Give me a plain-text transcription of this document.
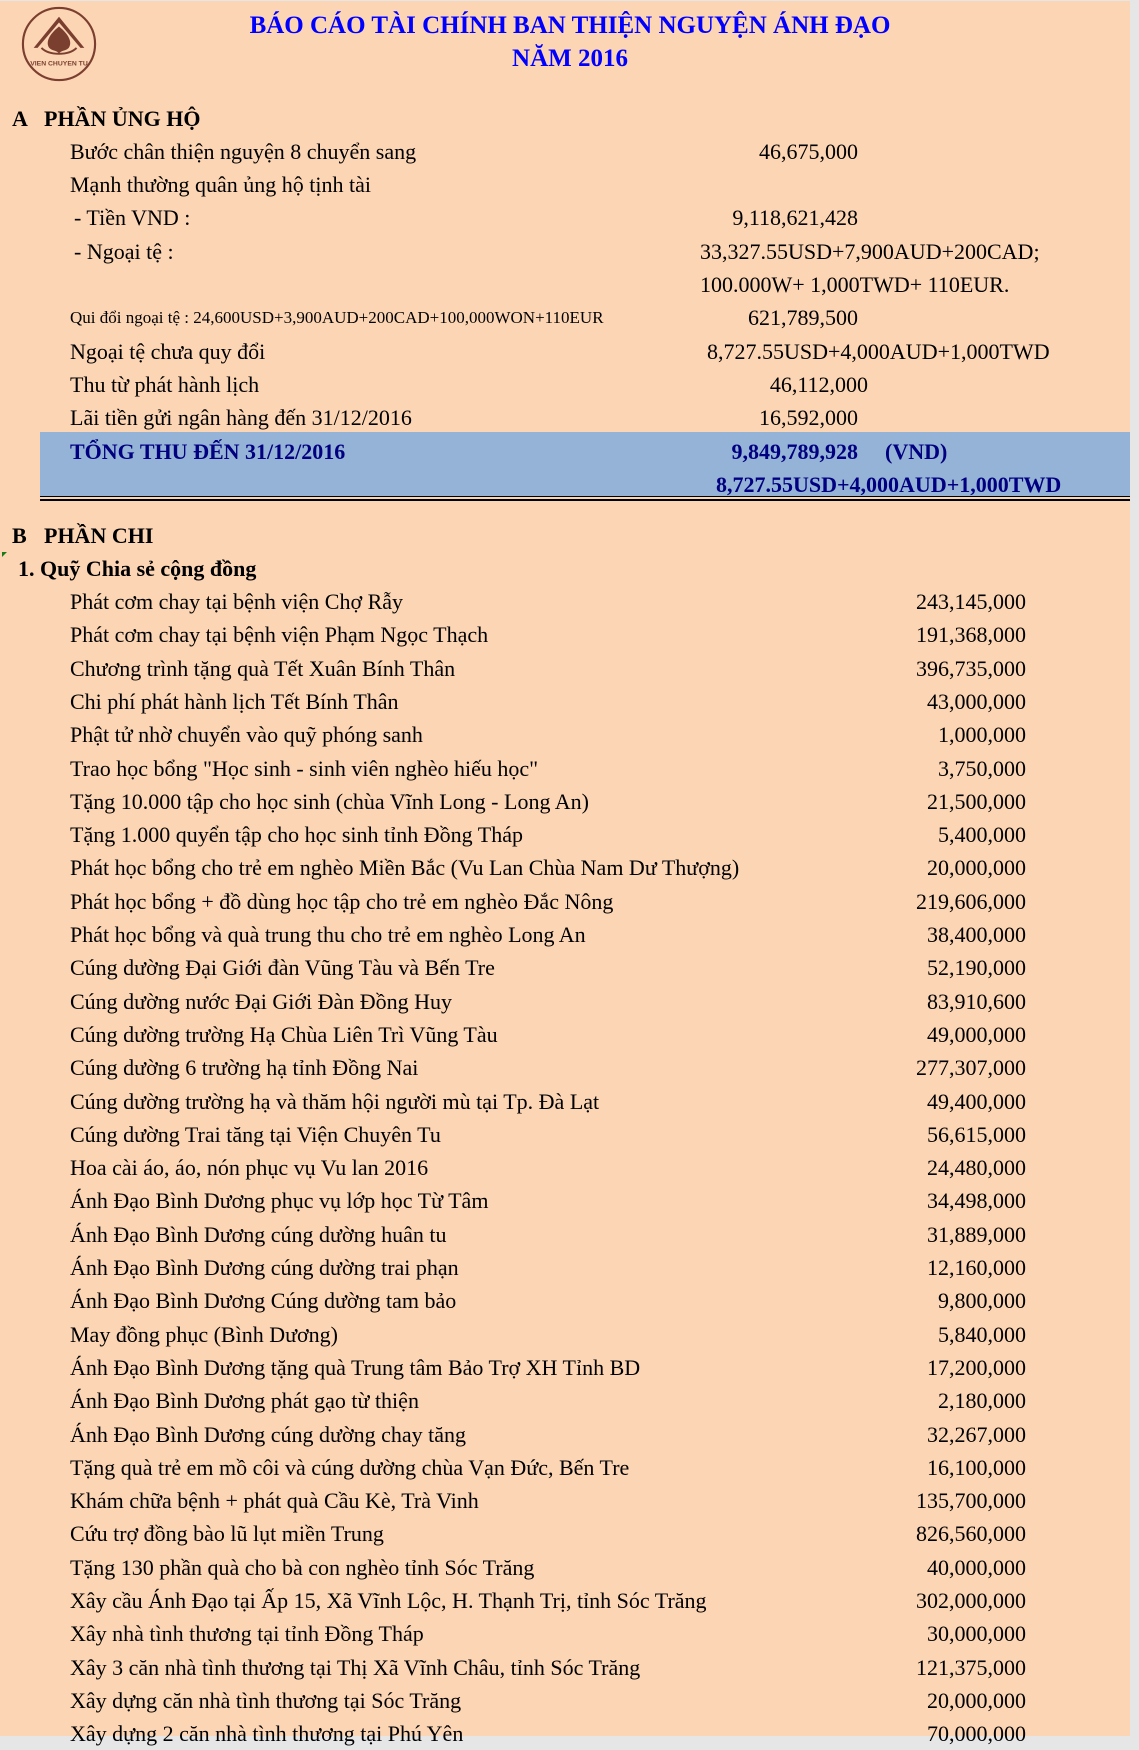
VIEN CHUYEN TU
BÁO CÁO TÀI CHÍNH BAN THIỆN NGUYỆN ÁNH ĐẠO
NĂM 2016
A PHẦN ỦNG HỘ
Bước chân thiện nguyện 8 chuyển sang	46,675,000
Mạnh thường quân ủng hộ tịnh tài
- Tiền VND :	9,118,621,428
- Ngoại tệ :	33,327.55USD+7,900AUD+200CAD;
100.000W+ 1,000TWD+ 110EUR.
Qui đổi ngoại tệ : 24,600USD+3,900AUD+200CAD+100,000WON+110EUR	621,789,500
Ngoại tệ chưa quy đổi	8,727.55USD+4,000AUD+1,000TWD
Thu từ phát hành lịch	46,112,000
Lãi tiền gửi ngân hàng đến 31/12/2016	16,592,000
TỔNG THU ĐẾN 31/12/2016	9,849,789,928 (VND)
8,727.55USD+4,000AUD+1,000TWD
B PHẦN CHI
1. Quỹ Chia sẻ cộng đồng
Phát cơm chay tại bệnh viện Chợ Rẫy	243,145,000
Phát cơm chay tại bệnh viện Phạm Ngọc Thạch	191,368,000
Chương trình tặng quà Tết Xuân Bính Thân	396,735,000
Chi phí phát hành lịch Tết Bính Thân	43,000,000
Phật tử nhờ chuyển vào quỹ phóng sanh	1,000,000
Trao học bổng "Học sinh - sinh viên nghèo hiếu học"	3,750,000
Tặng 10.000 tập cho học sinh (chùa Vĩnh Long - Long An)	21,500,000
Tặng 1.000 quyển tập cho học sinh tỉnh Đồng Tháp	5,400,000
Phát học bổng cho trẻ em nghèo Miền Bắc (Vu Lan Chùa Nam Dư Thượng)	20,000,000
Phát học bổng + đồ dùng học tập cho trẻ em nghèo Đắc Nông	219,606,000
Phát học bổng và quà trung thu cho trẻ em nghèo Long An	38,400,000
Cúng dường Đại Giới đàn Vũng Tàu và Bến Tre	52,190,000
Cúng dường nước Đại Giới Đàn Đồng Huy	83,910,600
Cúng dường trường Hạ Chùa Liên Trì Vũng Tàu	49,000,000
Cúng dường 6 trường hạ tỉnh Đồng Nai	277,307,000
Cúng dường trường hạ và thăm hội người mù tại Tp. Đà Lạt	49,400,000
Cúng dường Trai tăng tại Viện Chuyên Tu	56,615,000
Hoa cài áo, áo, nón phục vụ Vu lan 2016	24,480,000
Ánh Đạo Bình Dương phục vụ lớp học Từ Tâm	34,498,000
Ánh Đạo Bình Dương cúng dường huân tu	31,889,000
Ánh Đạo Bình Dương cúng dường trai phạn	12,160,000
Ánh Đạo Bình Dương Cúng dường tam bảo	9,800,000
May đồng phục (Bình Dương)	5,840,000
Ánh Đạo Bình Dương tặng quà Trung tâm Bảo Trợ XH Tỉnh BD	17,200,000
Ánh Đạo Bình Dương phát gạo từ thiện	2,180,000
Ánh Đạo Bình Dương cúng dường chay tăng	32,267,000
Tặng quà trẻ em mồ côi và cúng dường chùa Vạn Đức, Bến Tre	16,100,000
Khám chữa bệnh + phát quà Cầu Kè, Trà Vinh	135,700,000
Cứu trợ đồng bào lũ lụt miền Trung	826,560,000
Tặng 130 phần quà cho bà con nghèo tỉnh Sóc Trăng	40,000,000
Xây cầu Ánh Đạo tại Ấp 15, Xã Vĩnh Lộc, H. Thạnh Trị, tỉnh Sóc Trăng	302,000,000
Xây nhà tình thương tại tỉnh Đồng Tháp	30,000,000
Xây 3 căn nhà tình thương tại Thị Xã Vĩnh Châu, tỉnh Sóc Trăng	121,375,000
Xây dựng căn nhà tình thương tại Sóc Trăng	20,000,000
Xây dựng 2 căn nhà tình thương tại Phú Yên	70,000,000
